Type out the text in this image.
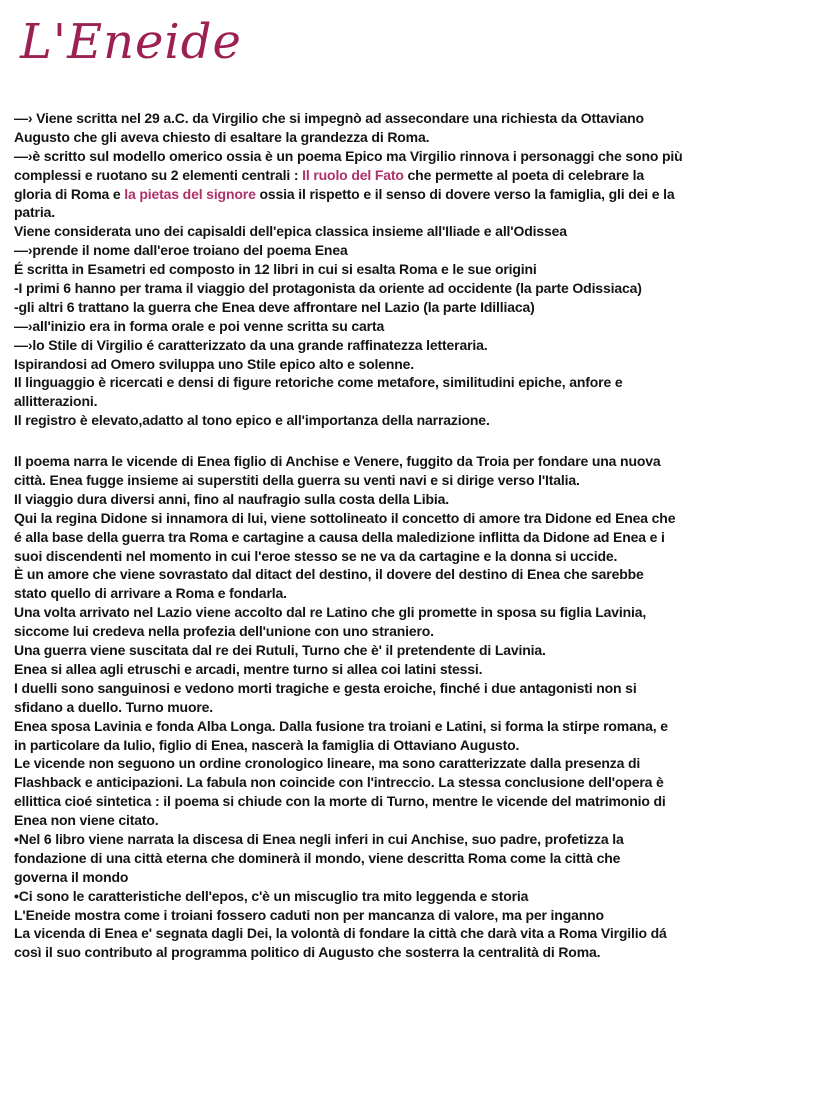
L'Eneide
—› Viene scritta nel 29 a.C. da Virgilio che si impegnò ad assecondare una richiesta da Ottaviano
Augusto che gli aveva chiesto di esaltare la grandezza di Roma.
—›è scritto sul modello omerico ossia è un poema Epico ma Virgilio rinnova i personaggi che sono più
complessi e ruotano su 2 elementi centrali : Il ruolo del Fato che permette al poeta di celebrare la
gloria di Roma e la pietas del signore ossia il rispetto e il senso di dovere verso la famiglia, gli dei e la
patria.
Viene considerata uno dei capisaldi dell'epica classica insieme all'Iliade e all'Odissea
—›prende il nome dall'eroe troiano del poema Enea
É scritta in Esametri ed composto in 12 libri in cui si esalta Roma e le sue origini
-I primi 6 hanno per trama il viaggio del protagonista da oriente ad occidente (la parte Odissiaca)
-gli altri 6 trattano la guerra che Enea deve affrontare nel Lazio (la parte Idilliaca)
—›all'inizio era in forma orale e poi venne scritta su carta
—›lo Stile di Virgilio é caratterizzato da una grande raffinatezza letteraria.
Ispirandosi ad Omero sviluppa uno Stile epico alto e solenne.
Il linguaggio è ricercati e densi di figure retoriche come metafore, similitudini epiche, anfore e
allitterazioni.
Il registro è elevato,adatto al tono epico e all'importanza della narrazione.
Il poema narra le vicende di Enea figlio di Anchise e Venere, fuggito da Troia per fondare una nuova
città. Enea fugge insieme ai superstiti della guerra su venti navi e si dirige verso l'Italia.
Il viaggio dura diversi anni, fino al naufragio sulla costa della Libia.
Qui la regina Didone si innamora di lui, viene sottolineato il concetto di amore tra Didone ed Enea che
é alla base della guerra tra Roma e cartagine a causa della maledizione inflitta da Didone ad Enea e i
suoi discendenti nel momento in cui l'eroe stesso se ne va da cartagine e la donna si uccide.
È un amore che viene sovrastato dal ditact del destino, il dovere del destino di Enea che sarebbe
stato quello di arrivare a Roma e fondarla.
Una volta arrivato nel Lazio viene accolto dal re Latino che gli promette in sposa su figlia Lavinia,
siccome lui credeva nella profezia dell'unione con uno straniero.
Una guerra viene suscitata dal re dei Rutuli, Turno che è' il pretendente di Lavinia.
Enea si allea agli etruschi e arcadi, mentre turno si allea coi latini stessi.
I duelli sono sanguinosi e vedono morti tragiche e gesta eroiche, finché i due antagonisti non si
sfidano a duello. Turno muore.
Enea sposa Lavinia e fonda Alba Longa. Dalla fusione tra troiani e Latini, si forma la stirpe romana, e
in particolare da Iulio, figlio di Enea, nascerà la famiglia di Ottaviano Augusto.
Le vicende non seguono un ordine cronologico lineare, ma sono caratterizzate dalla presenza di
Flashback e anticipazioni. La fabula non coincide con l'intreccio. La stessa conclusione dell'opera è
ellittica cioé sintetica : il poema si chiude con la morte di Turno, mentre le vicende del matrimonio di
Enea non viene citato.
•Nel 6 libro viene narrata la discesa di Enea negli inferi in cui Anchise, suo padre, profetizza la
fondazione di una città eterna che dominerà il mondo, viene descritta Roma come la città che
governa il mondo
•Ci sono le caratteristiche dell'epos, c'è un miscuglio tra mito leggenda e storia
L'Eneide mostra come i troiani fossero caduti non per mancanza di valore, ma per inganno
La vicenda di Enea e' segnata dagli Dei, la volontà di fondare la città che darà vita a Roma Virgilio dá
così il suo contributo al programma politico di Augusto che sosterra la centralità di Roma.
